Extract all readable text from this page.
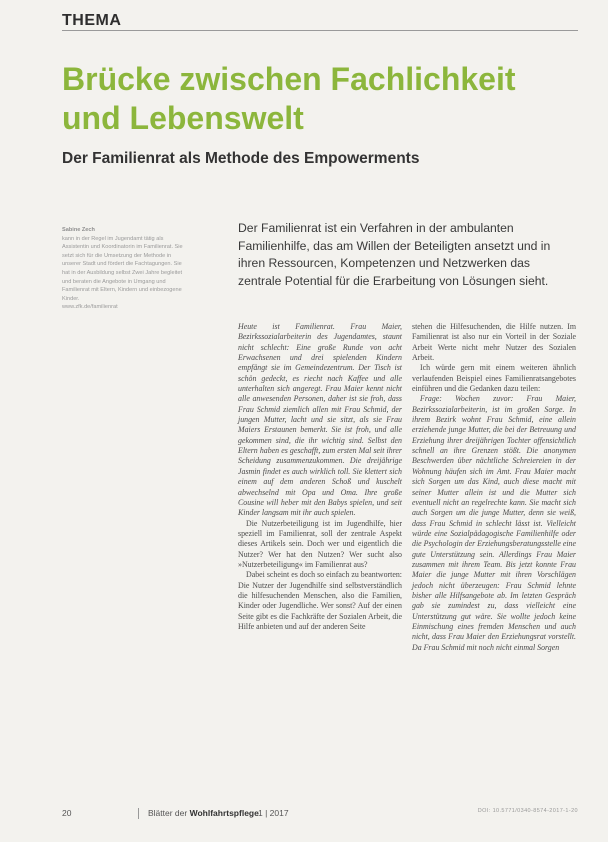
THEMA
Brücke zwischen Fachlichkeit und Lebenswelt
Der Familienrat als Methode des Empowerments
Sabine Zech
kann in der Regel im Jugendamt tätig als Assistentin und Koordinatorin im Familienrat. Sie setzt sich für die Umsetzung der Methode in unserer Stadt und fördert die Fachtagungen. Sie hat in der Ausbildung selbst Zwei Jahre begleitet und beraten die Angebote in Umgang und Familienrat mit Eltern, Kindern und einbezogene Kinder.
www.zfk.de/familienrat
Der Familienrat ist ein Verfahren in der ambulanten Familienhilfe, das am Willen der Beteiligten ansetzt und in ihren Ressourcen, Kompetenzen und Netzwerken das zentrale Potential für die Erarbeitung von Lösungen sieht.

Heute ist Familienrat. Frau Maier, Bezirkssozialarbeiterin des Jugendamtes, staunt nicht schlecht: Eine große Runde von acht Erwachsenen und drei spielenden Kindern empfängt sie im Gemeindezentrum. Der Tisch ist schön gedeckt, es riecht nach Kaffee und alle unterhalten sich angeregt. Frau Maier kennt nicht alle anwesenden Personen, daher ist sie froh, dass Frau Schmid ziemlich allen mit Frau Schmid, der jungen Mutter, lacht und sie sitzt, als sie Frau Maiers Erstaunen bemerkt. Sie ist froh, und alle gekommen sind, die ihr wichtig sind. Selbst den Eltern haben es geschafft, zum ersten Mal seit ihrer Scheidung zusammenzukommen. Die dreijährige Jasmin findet es auch wirklich toll. Sie klettert sich einem auf dem anderen Schoß und kuschelt abwechselnd mit Opa und Oma. Ihre große Cousine will heber mit den Babys spielen, und seit Kinder langsam mit ihr auch spielen.

Die Nutzerbeteiligung ist im Jugendhilfe, hier speziell im Familienrat, soll der zentrale Aspekt dieses Artikels sein. Doch wer und eigentlich die Nutzer? Wer hat den Nutzen? Wer sucht also »Nutzerbeteiligung« im Familienrat aus?

Dabei scheint es doch so einfach zu beantworten: Die Nutzer der Jugendhilfe sind selbstverständlich die hilfesuchenden Menschen, also die Familien, Kinder oder Jugendliche. Wer sonst? Auf der einen Seite gibt es die Fachkräfte der Sozialen Arbeit, die Hilfe anbieten und auf der anderen Seite

stehen die Hilfesuchenden, die Hilfe nutzen. Im Familienrat ist also nur ein Vorteil in der Soziale Arbeit Werte nicht mehr Nutzer des Sozialen Arbeit.

Ich würde gern mit einem weiteren ähnlich verlaufenden Beispiel eines Familienratsangebotes einführen und die Gedanken dazu teilen:

Frage: Wochen zuvor: Frau Maier, Bezirkssozialarbeiterin, ist im großen Sorge. In ihrem Bezirk wohnt Frau Schmid, eine allein erziehende junge Mutter, die bei der Betreuung und Erziehung ihrer dreijährigen Tochter offensichtlich schnell an ihre Grenzen stößt. Die anonymen Beschwerden über nächtliche Schreiereien in der Wohnung häufen sich im Amt. Frau Maier macht sich Sorgen um das Kind, auch diese macht mit seiner Mutter allein ist und die Mutter sich eventuell nicht an regelrechte kann. Sie macht sich auch Sorgen um die junge Mutter, denn sie weiß, dass Frau Schmid in schlecht lässt ist. Vielleicht würde eine Sozialpädagogische Familienhilfe oder die Psychologin der Erziehungsberatungsstelle eine gute Unterstützung sein. Allerdings Frau Maier zusammen mit ihrem Team. Bis jetzt konnte Frau Maier die junge Mutter mit ihren Vorschlägen jedoch nicht überzeugen: Frau Schmid lehnte bisher alle Hilfsangebote ab. Im letzten Gespräch gab sie zumindest zu, dass vielleicht eine Unterstützung gut wäre. Sie wollte jedoch keine Einmischung eines fremden Menschen und auch nicht, dass Frau Maier den Erziehungsrat vorstellt. Da Frau Schmid mit noch nicht einmal Sorgen

20	Blätter der Wohlfahrtspflege 1 | 2017	DOI: 10.5771/0340-8574-2017-1-20
